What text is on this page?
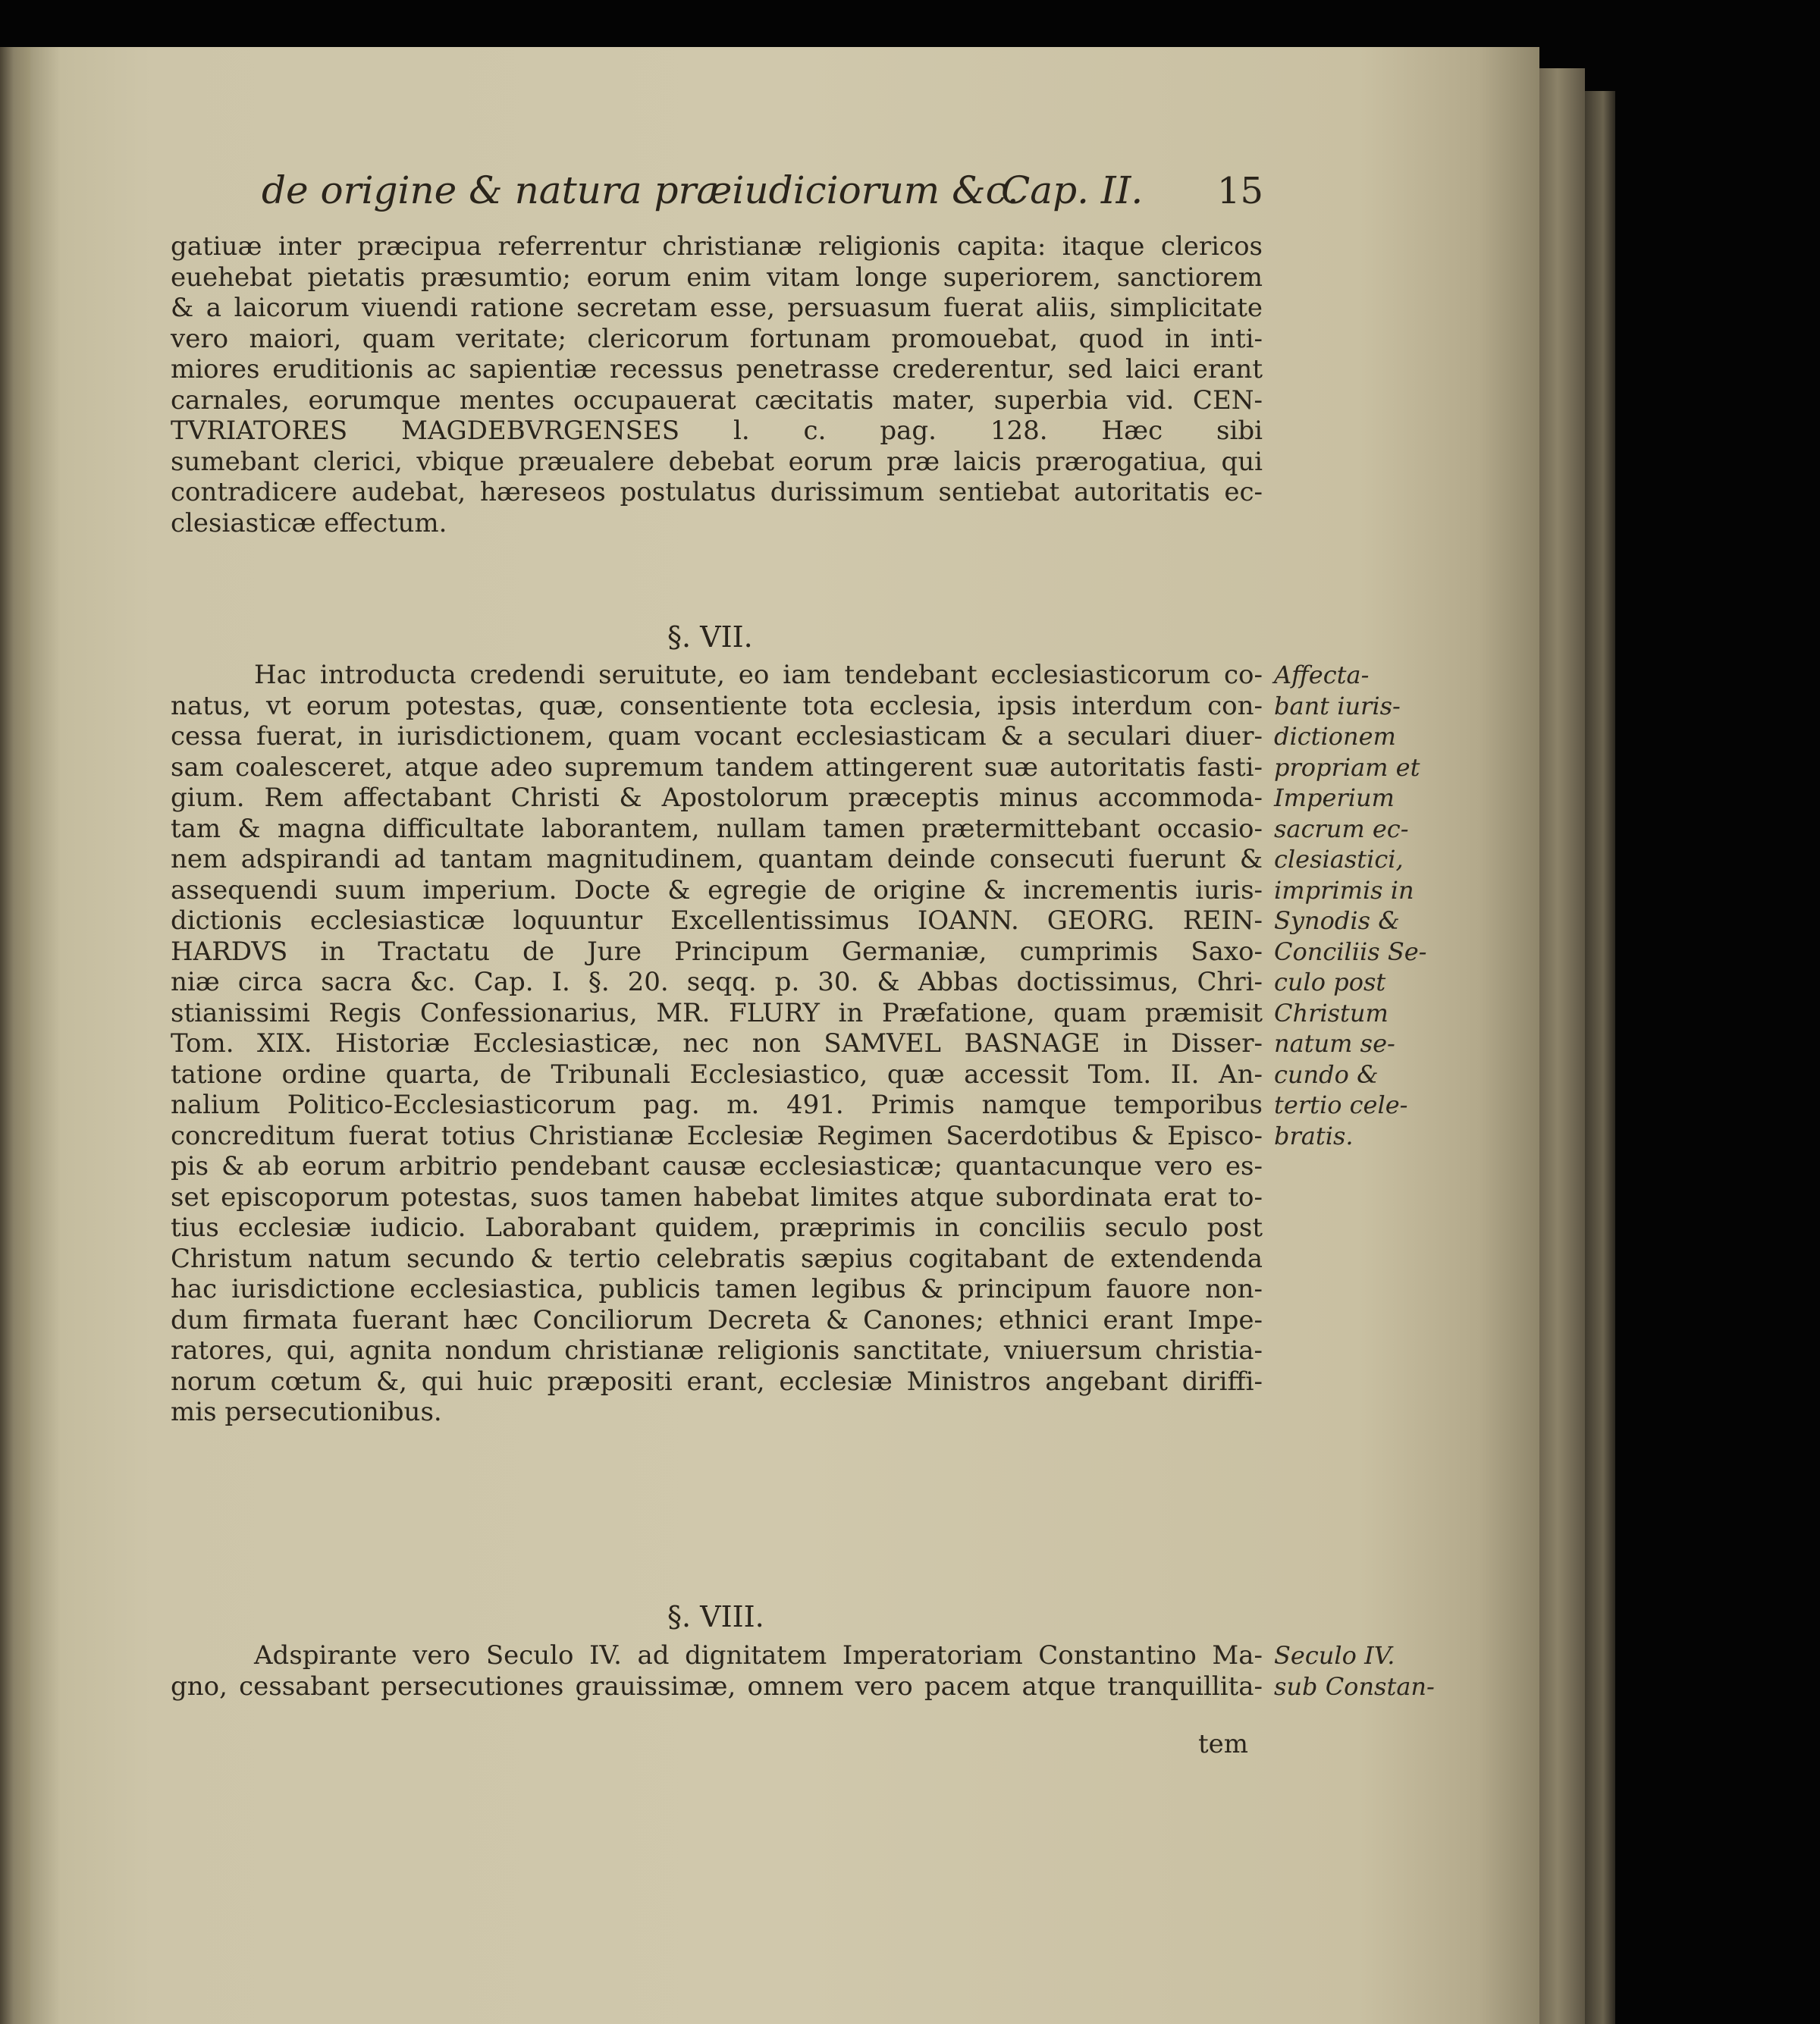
de origine & natura præiudiciorum &c.
Cap. II. 15
gatiuæ inter præcipua referrentur christianæ religionis capita: itaque clericos
euehebat pietatis præsumtio; eorum enim vitam longe superiorem, sanctiorem
& a laicorum viuendi ratione secretam esse, persuasum fuerat aliis, simplicitate
vero maiori, quam veritate; clericorum fortunam promouebat, quod in inti-
miores eruditionis ac sapientiæ recessus penetrasse crederentur, sed laici erant
carnales, eorumque mentes occupauerat cæcitatis mater, superbia vid. CEN-
TVRIATORES MAGDEBVRGENSES l. c. pag. 128. Hæc sibi
sumebant clerici, vbique præualere debebat eorum præ laicis prærogatiua, qui
contradicere audebat, hæreseos postulatus durissimum sentiebat autoritatis ec-
clesiasticæ effectum.
§. VII.
Hac introducta credendi seruitute, eo iam tendebant ecclesiasticorum co-
natus, vt eorum potestas, quæ, consentiente tota ecclesia, ipsis interdum con-
cessa fuerat, in iurisdictionem, quam vocant ecclesiasticam & a seculari diuer-
sam coalesceret, atque adeo supremum tandem attingerent suæ autoritatis fasti-
gium. Rem affectabant Christi & Apostolorum præceptis minus accommoda-
tam & magna difficultate laborantem, nullam tamen prætermittebant occasio-
nem adspirandi ad tantam magnitudinem, quantam deinde consecuti fuerunt &
assequendi suum imperium. Docte & egregie de origine & incrementis iuris-
dictionis ecclesiasticæ loquuntur Excellentissimus IOANN. GEORG. REIN-
HARDVS in Tractatu de Jure Principum Germaniæ, cumprimis Saxo-
niæ circa sacra &c. Cap. I. §. 20. seqq. p. 30. & Abbas doctissimus, Chri-
stianissimi Regis Confessionarius, MR. FLURY in Præfatione, quam præmisit
Tom. XIX. Historiæ Ecclesiasticæ, nec non SAMVEL BASNAGE in Disser-
tatione ordine quarta, de Tribunali Ecclesiastico, quæ accessit Tom. II. An-
nalium Politico-Ecclesiasticorum pag. m. 491. Primis namque temporibus
concreditum fuerat totius Christianæ Ecclesiæ Regimen Sacerdotibus & Episco-
pis & ab eorum arbitrio pendebant causæ ecclesiasticæ; quantacunque vero es-
set episcoporum potestas, suos tamen habebat limites atque subordinata erat to-
tius ecclesiæ iudicio. Laborabant quidem, præprimis in conciliis seculo post
Christum natum secundo & tertio celebratis sæpius cogitabant de extendenda
hac iurisdictione ecclesiastica, publicis tamen legibus & principum fauore non-
dum firmata fuerant hæc Conciliorum Decreta & Canones; ethnici erant Impe-
ratores, qui, agnita nondum christianæ religionis sanctitate, vniuersum christia-
norum cœtum &, qui huic præpositi erant, ecclesiæ Ministros angebant diriffi-
mis persecutionibus.
Affecta-
bant iuris-
dictionem
propriam et
Imperium
sacrum ec-
clesiastici,
imprimis in
Synodis &
Conciliis Se-
culo post
Christum
natum se-
cundo &
tertio cele-
bratis.
§. VIII.
Adspirante vero Seculo IV. ad dignitatem Imperatoriam Constantino Ma-
gno, cessabant persecutiones grauissimæ, omnem vero pacem atque tranquillita-
Seculo IV.
sub Constan-
tem
